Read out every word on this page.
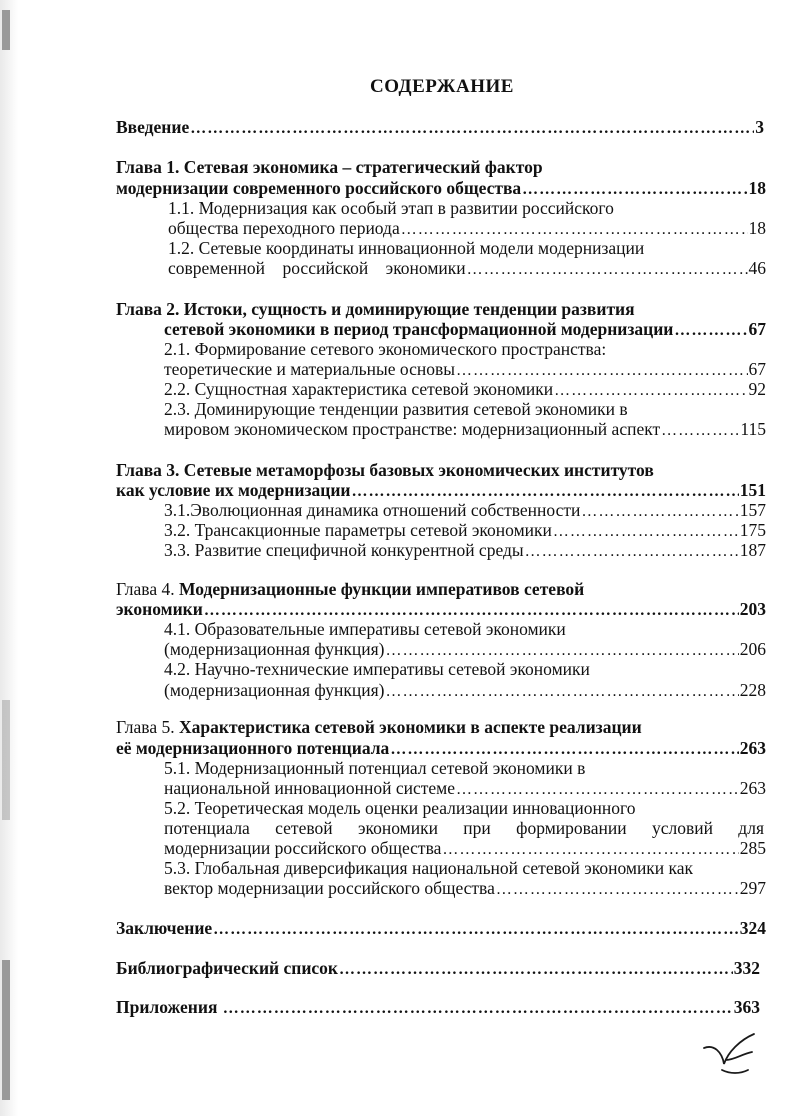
СОДЕРЖАНИЕ
Введение ……………………………………………………………………………………………………………………………………………………………………	3
Глава 1. Сетевая экономика – стратегический фактор
модернизации современного российского общества ……………………………………………………………………………………………………………………………………………………………………	18
1.1. Модернизация как особый этап в развитии российского
общества переходного периода ……………………………………………………………………………………………………………………………………………………………………	18
1.2. Сетевые координаты инновационной модели модернизации
современной    российской    экономики ……………………………………………………………………………………………………………………………………………………………………	46
Глава 2. Истоки, сущность и доминирующие тенденции развития
сетевой экономики в период трансформационной модернизации ……………………………………………………………………………………………………………………………………………………………………	67
2.1. Формирование сетевого экономического пространства:
теоретические и материальные основы ……………………………………………………………………………………………………………………………………………………………………	67
2.2. Сущностная характеристика сетевой экономики ……………………………………………………………………………………………………………………………………………………………………	92
2.3. Доминирующие тенденции развития сетевой экономики в
мировом экономическом пространстве: модернизационный аспект ……………………………………………………………………………………………………………………………………………………………………	115
Глава 3. Сетевые метаморфозы базовых экономических институтов
как условие их модернизации ……………………………………………………………………………………………………………………………………………………………………	151
3.1.Эволюционная динамика отношений собственности ……………………………………………………………………………………………………………………………………………………………………	157
3.2. Трансакционные параметры сетевой экономики ……………………………………………………………………………………………………………………………………………………………………	175
3.3. Развитие специфичной конкурентной среды ……………………………………………………………………………………………………………………………………………………………………	187
Глава 4. Модернизационные функции императивов сетевой
экономики ……………………………………………………………………………………………………………………………………………………………………	203
4.1. Образовательные императивы сетевой экономики
(модернизационная функция) ……………………………………………………………………………………………………………………………………………………………………	206
4.2. Научно-технические императивы сетевой экономики
(модернизационная функция) ……………………………………………………………………………………………………………………………………………………………………	228
Глава 5. Характеристика сетевой экономики в аспекте реализации
её модернизационного потенциала ……………………………………………………………………………………………………………………………………………………………………	263
5.1. Модернизационный потенциал сетевой экономики в
национальной инновационной системе ……………………………………………………………………………………………………………………………………………………………………	263
5.2. Теоретическая модель оценки реализации инновационного
потенциала сетевой экономики при формировании условий для
модернизации российского общества ……………………………………………………………………………………………………………………………………………………………………	285
5.3. Глобальная диверсификация национальной сетевой экономики как
вектор модернизации российского общества ……………………………………………………………………………………………………………………………………………………………………	297
Заключение ……………………………………………………………………………………………………………………………………………………………………	324
Библиографический список ……………………………………………………………………………………………………………………………………………………………………	332
Приложения ……………………………………………………………………………………………………………………………………………………………………	363
